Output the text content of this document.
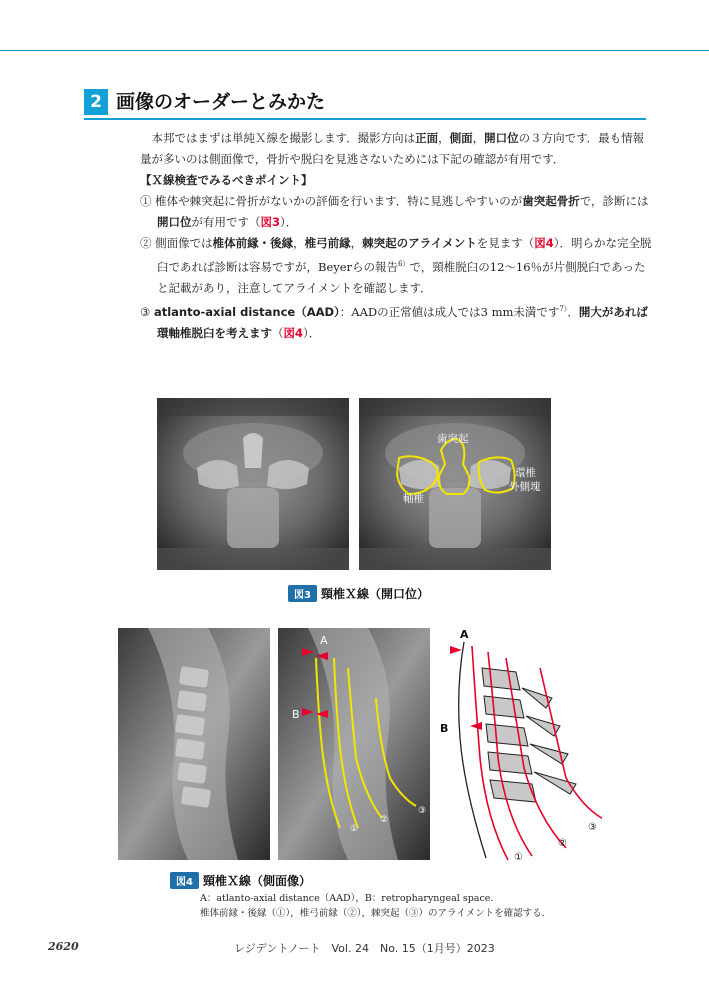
2 画像のオーダーとみかた

本邦ではまずは単純Ｘ線を撮影します．撮影方向は正面，側面，開口位の３方向です．最も情報量が多いのは側面像で，骨折や脱臼を見逃さないためには下記の確認が有用です．

【Ｘ線検査でみるべきポイント】

① 椎体や棘突起に骨折がないかの評価を行います．特に見逃しやすいのが歯突起骨折で，診断には開口位が有用です（図3）．

② 側面像では椎体前縁・後縁，椎弓前縁，棘突起のアライメントを見ます（図4）．明らかな完全脱臼であれば診断は容易ですが，Beyerらの報告$^{6)}$で，頸椎脱臼の12～16％が片側脱臼であったと記載があり，注意してアライメントを確認します．

③ atlanto-axial distance（AAD）：AADの正常値は成人では3 mm未満です$^{7)}$．開大があれば環軸椎脱臼を考えます（図4）．

歯突起
軸椎
環椎
外側塊
図3 頸椎Ｘ線（開口位）
A
B
①
②
③
A
B
①
②
③
図4 頸椎Ｘ線（側面像）
A：atlanto-axial distance（AAD），B：retropharyngeal space.
椎体前縁・後縁（①），椎弓前縁（②），棘突起（③）のアライメントを確認する．
2620	レジデントノート　Vol. 24　No. 15（1月号）2023
